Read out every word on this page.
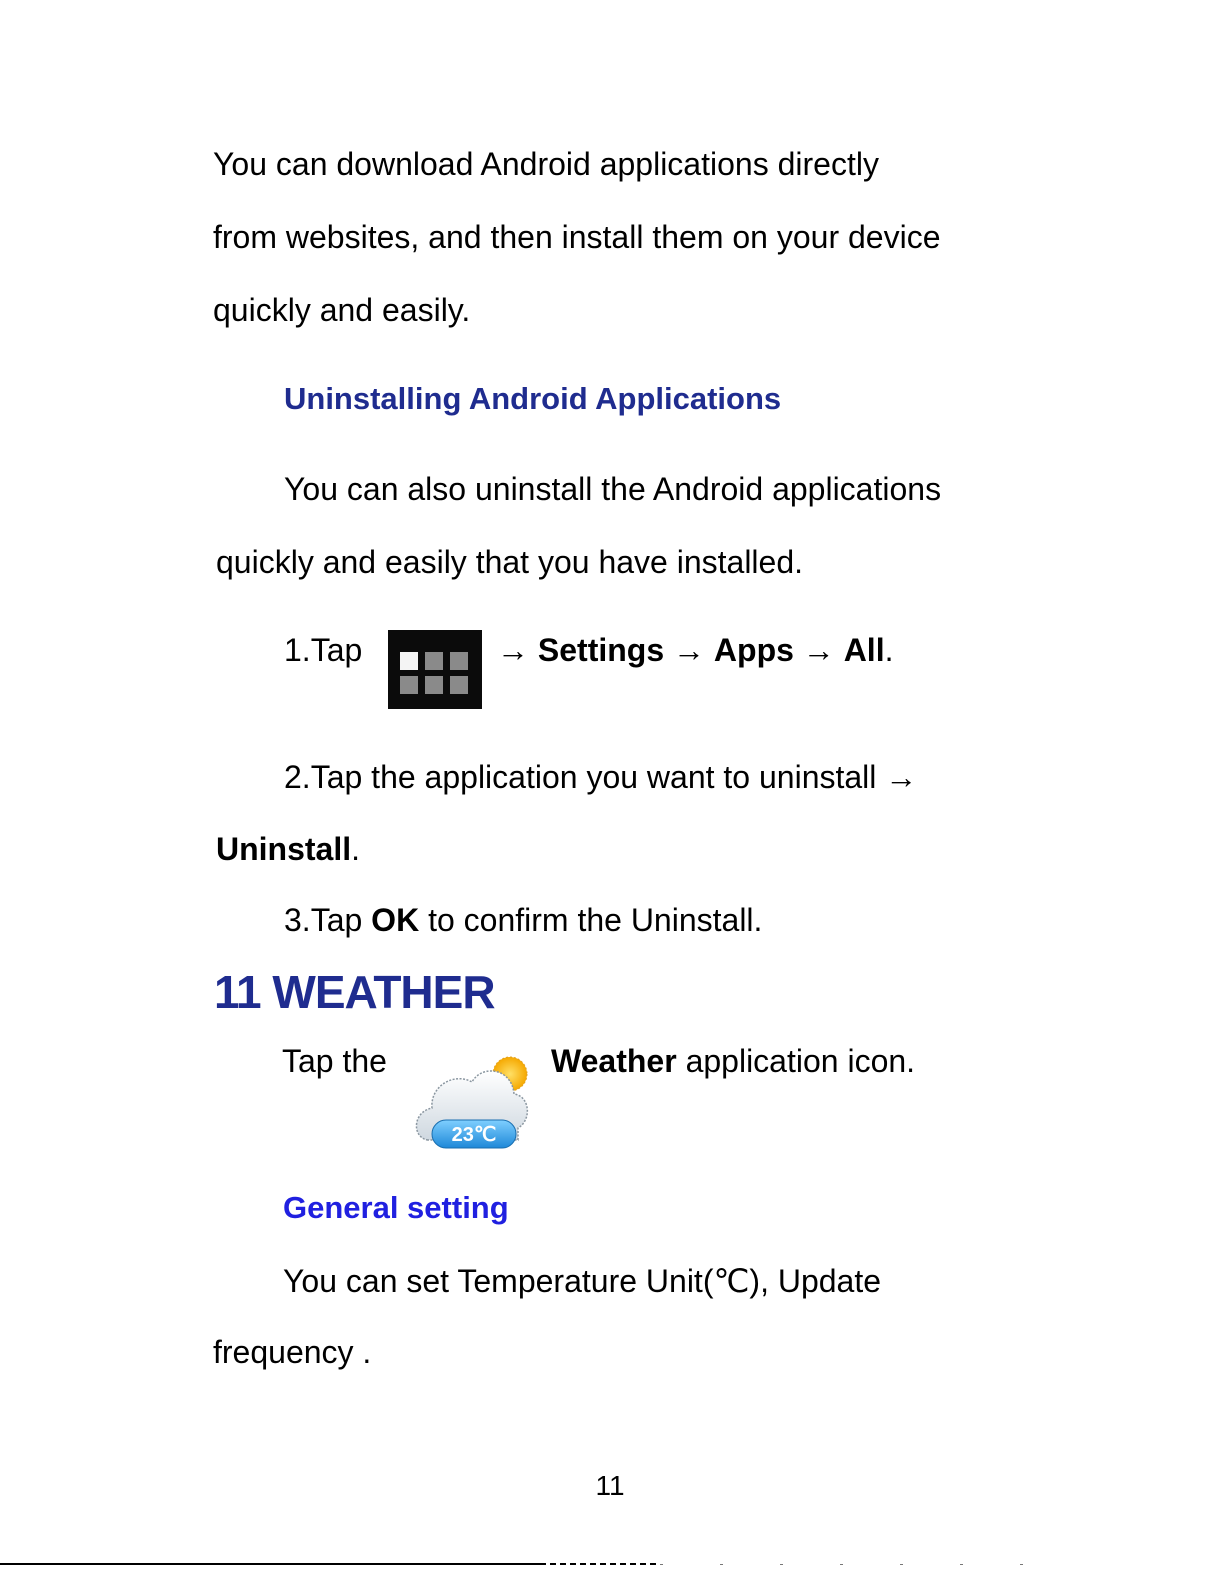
You can download Android applications directly
from websites, and then install them on your device
quickly and easily.
Uninstalling Android Applications
You can also uninstall the Android applications
quickly and easily that you have installed.
1.Tap	→ Settings → Apps → All.
2.Tap the application you want to uninstall →
Uninstall.
3.Tap OK to confirm the Uninstall.
11 WEATHER
Tap the
23℃
Weather application icon.
General setting
You can set Temperature Unit(℃), Update
frequency .
11
